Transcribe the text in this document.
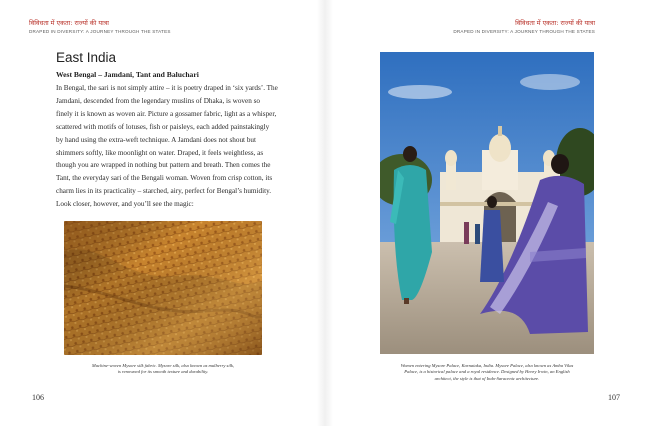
विविधता में एकता: राज्यों की यात्रा
DRAPED IN DIVERSITY: A JOURNEY THROUGH THE STATES
East India
West Bengal – Jamdani, Tant and Baluchari

In Bengal, the sari is not simply attire – it is poetry draped in ‘six yards’. The Jamdani, descended from the legendary muslins of Dhaka, is woven so finely it is known as woven air. Picture a gossamer fabric, light as a whisper, scattered with motifs of lotuses, fish or paisleys, each added painstakingly by hand using the extra-weft technique. A Jamdani does not shout but shimmers softly, like moonlight on water. Draped, it feels weightless, as though you are wrapped in nothing but pattern and breath. Then comes the Tant, the everyday sari of the Bengali woman. Woven from crisp cotton, its charm lies in its practicality – starched, airy, perfect for Bengal’s humidity. Look closer, however, and you’ll see the magic:

Machine-woven Mysore silk fabric. Mysore silk, also known as mulberry silk,
is renowned for its smooth texture and durability.
106
विविधता में एकता: राज्यों की यात्रा
DRAPED IN DIVERSITY: A JOURNEY THROUGH THE STATES
Women entering Mysore Palace, Karnataka, India. Mysore Palace, also known as Amba Vilas
Palace, is a historical palace and a royal residence. Designed by Henry Irwin, an English
architect, the style is that of Indo-Saracenic architecture.
107
